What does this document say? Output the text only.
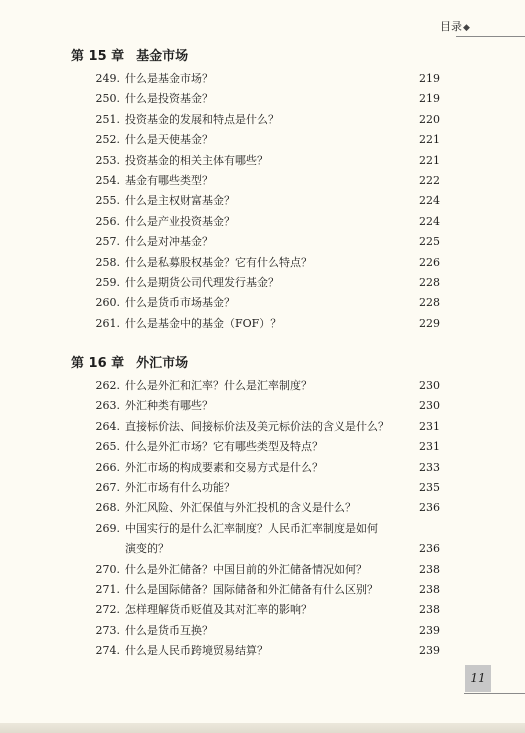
目录◆
第 15 章 基金市场
249. 什么是基金市场？	219
250. 什么是投资基金？	219
251. 投资基金的发展和特点是什么？	220
252. 什么是天使基金？	221
253. 投资基金的相关主体有哪些？	221
254. 基金有哪些类型？	222
255. 什么是主权财富基金？	224
256. 什么是产业投资基金？	224
257. 什么是对冲基金？	225
258. 什么是私募股权基金？它有什么特点？	226
259. 什么是期货公司代理发行基金？	228
260. 什么是货币市场基金？	228
261. 什么是基金中的基金（FOF）？	229
第 16 章 外汇市场
262. 什么是外汇和汇率？什么是汇率制度？	230
263. 外汇种类有哪些？	230
264. 直接标价法、间接标价法及美元标价法的含义是什么？	231
265. 什么是外汇市场？它有哪些类型及特点？	231
266. 外汇市场的构成要素和交易方式是什么？	233
267. 外汇市场有什么功能？	235
268. 外汇风险、外汇保值与外汇投机的含义是什么？	236
269. 中国实行的是什么汇率制度？人民币汇率制度是如何
演变的？	236
270. 什么是外汇储备？中国目前的外汇储备情况如何？	238
271. 什么是国际储备？国际储备和外汇储备有什么区别？	238
272. 怎样理解货币贬值及其对汇率的影响？	238
273. 什么是货币互换？	239
274. 什么是人民币跨境贸易结算？	239
11
